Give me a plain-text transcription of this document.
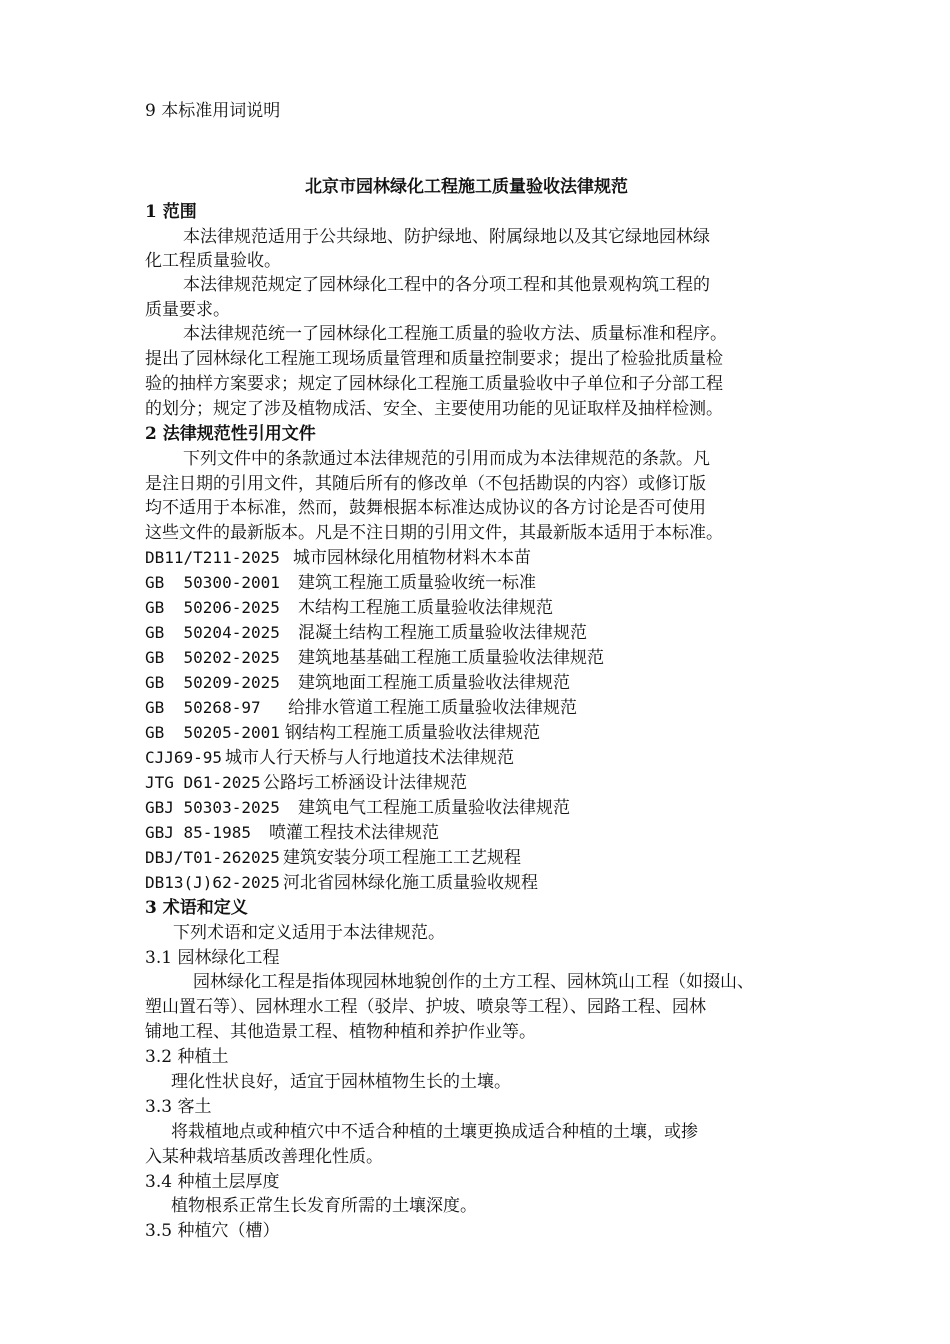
9 本标准用词说明
北京市园林绿化工程施工质量验收法律规范
1 范围
本法律规范适用于公共绿地、防护绿地、附属绿地以及其它绿地园林绿
化工程质量验收。
本法律规范规定了园林绿化工程中的各分项工程和其他景观构筑工程的
质量要求。
本法律规范统一了园林绿化工程施工质量的验收方法、质量标准和程序。
提出了园林绿化工程施工现场质量管理和质量控制要求；提出了检验批质量检
验的抽样方案要求；规定了园林绿化工程施工质量验收中子单位和子分部工程
的划分；规定了涉及植物成活、安全、主要使用功能的见证取样及抽样检测。
2 法律规范性引用文件
下列文件中的条款通过本法律规范的引用而成为本法律规范的条款。凡
是注日期的引用文件，其随后所有的修改单（不包括勘误的内容）或修订版
均不适用于本标准，然而，鼓舞根据本标准达成协议的各方讨论是否可使用
这些文件的最新版本。凡是不注日期的引用文件，其最新版本适用于本标准。
DB11/T211-2025 城市园林绿化用植物材料木本苗
GB  50300-2001 建筑工程施工质量验收统一标准
GB  50206-2025 木结构工程施工质量验收法律规范
GB  50204-2025 混凝土结构工程施工质量验收法律规范
GB  50202-2025 建筑地基基础工程施工质量验收法律规范
GB  50209-2025 建筑地面工程施工质量验收法律规范
GB  50268-97   给排水管道工程施工质量验收法律规范
GB  50205-2001 钢结构工程施工质量验收法律规范
CJJ69-95 城市人行天桥与人行地道技术法律规范
JTG D61-2025 公路圬工桥涵设计法律规范
GBJ 50303-2025 建筑电气工程施工质量验收法律规范
GBJ 85-1985 喷灌工程技术法律规范
DBJ/T01-262025 建筑安装分项工程施工工艺规程
DB13(J)62-2025 河北省园林绿化施工质量验收规程
3 术语和定义
下列术语和定义适用于本法律规范。
3.1 园林绿化工程
园林绿化工程是指体现园林地貌创作的土方工程、园林筑山工程（如掇山、
塑山置石等）、园林理水工程（驳岸、护坡、喷泉等工程）、园路工程、园林
铺地工程、其他造景工程、植物种植和养护作业等。
3.2 种植土
理化性状良好，适宜于园林植物生长的土壤。
3.3 客土
将栽植地点或种植穴中不适合种植的土壤更换成适合种植的土壤，或掺
入某种栽培基质改善理化性质。
3.4 种植土层厚度
植物根系正常生长发育所需的土壤深度。
3.5 种植穴（槽）
